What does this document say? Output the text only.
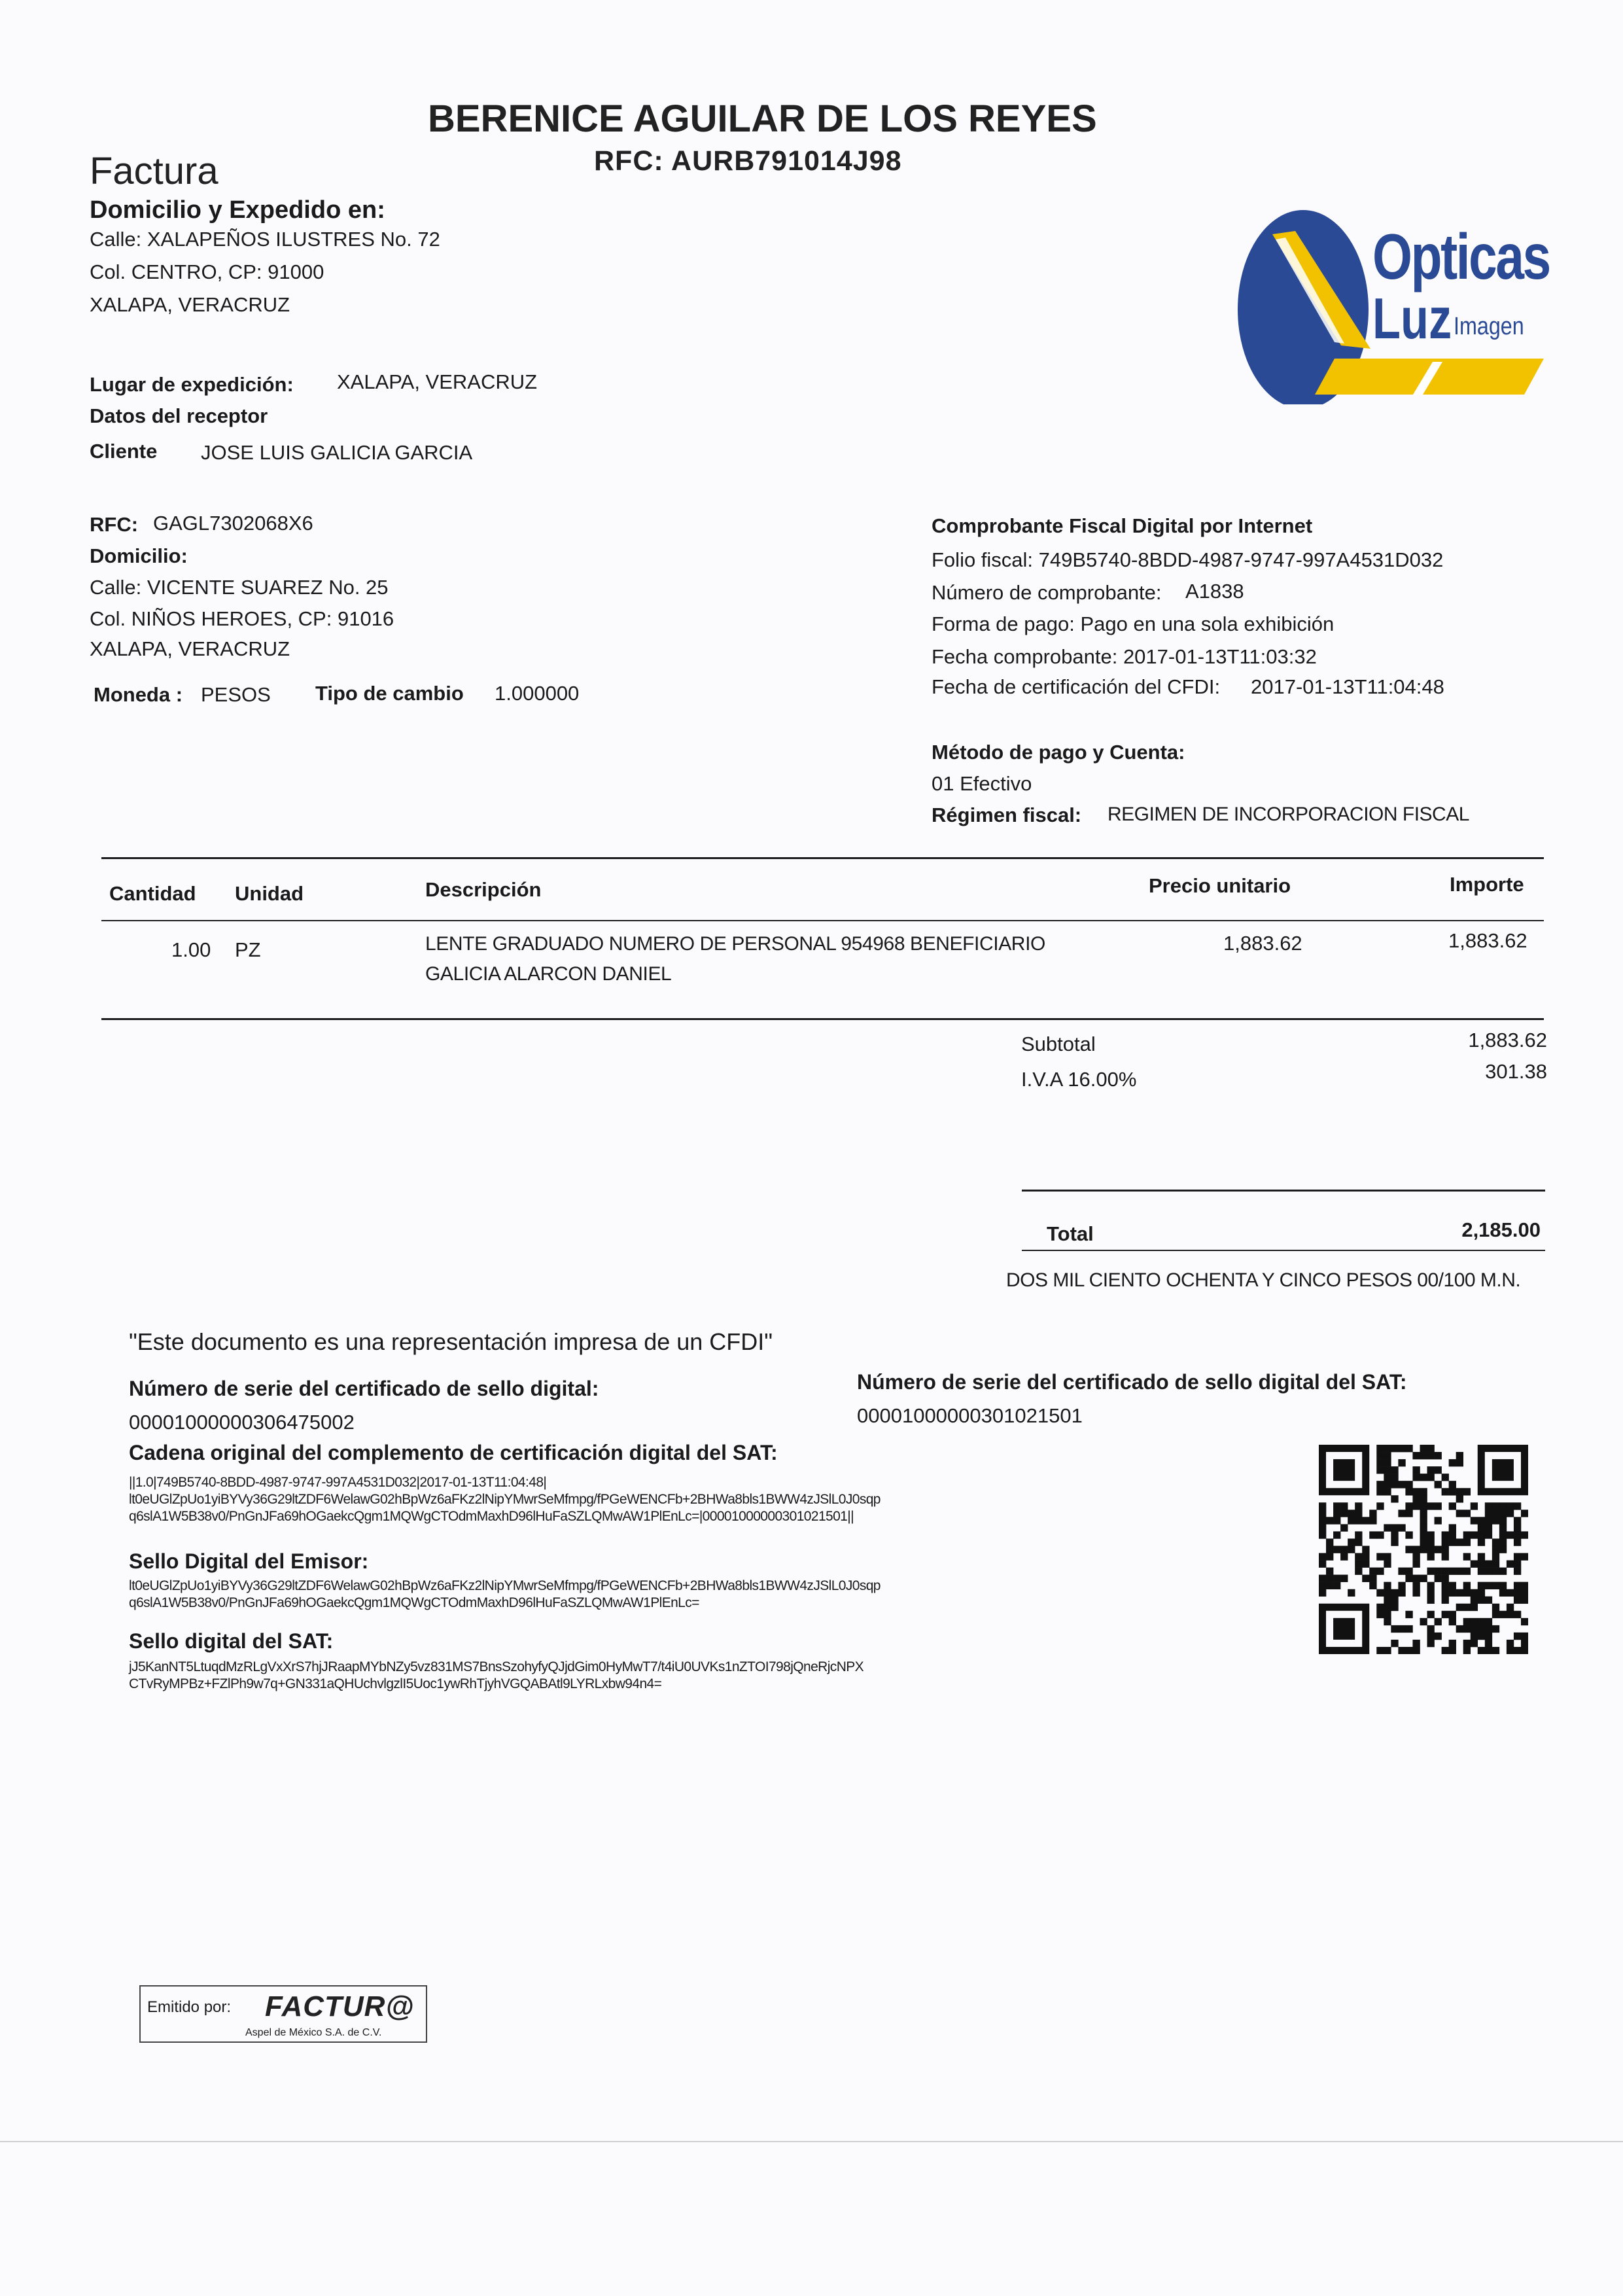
BERENICE AGUILAR DE LOS REYES
RFC: AURB791014J98
Factura
Domicilio y Expedido en:
Calle: XALAPEÑOS ILUSTRES No. 72
Col. CENTRO, CP: 91000
XALAPA, VERACRUZ
Opticas
Luz Imagen
Lugar de expedición: XALAPA, VERACRUZ
Datos del receptor
Cliente JOSE LUIS GALICIA GARCIA
RFC: GAGL7302068X6
Domicilio:
Calle: VICENTE SUAREZ No. 25
Col. NIÑOS HEROES, CP: 91016
XALAPA, VERACRUZ
Moneda : PESOS Tipo de cambio 1.000000
Comprobante Fiscal Digital por Internet
Folio fiscal: 749B5740-8BDD-4987-9747-997A4531D032
Número de comprobante: A1838
Forma de pago: Pago en una sola exhibición
Fecha comprobante: 2017-01-13T11:03:32
Fecha de certificación del CFDI: 2017-01-13T11:04:48
Método de pago y Cuenta:
01 Efectivo
Régimen fiscal: REGIMEN DE INCORPORACION FISCAL
Cantidad Unidad	Descripción	Precio unitario	Importe
1.00 PZ	LENTE GRADUADO NUMERO DE PERSONAL 954968 BENEFICIARIO
GALICIA ALARCON DANIEL
1,883.62	1,883.62
Subtotal	1,883.62
I.V.A 16.00%	301.38
Total	2,185.00
DOS MIL CIENTO OCHENTA Y CINCO PESOS 00/100 M.N.
"Este documento es una representación impresa de un CFDI"
Número de serie del certificado de sello digital:
00001000000306475002
Número de serie del certificado de sello digital del SAT:
00001000000301021501
Cadena original del complemento de certificación digital del SAT:
||1.0|749B5740-8BDD-4987-9747-997A4531D032|2017-01-13T11:04:48|
lt0eUGlZpUo1yiBYVy36G29ltZDF6WelawG02hBpWz6aFKz2lNipYMwrSeMfmpg/fPGeWENCFb+2BHWa8bls1BWW4zJSlL0J0sqp
q6slA1W5B38v0/PnGnJFa69hOGaekcQgm1MQWgCTOdmMaxhD96lHuFaSZLQMwAW1PlEnLc=|00001000000301021501||
Sello Digital del Emisor:
lt0eUGlZpUo1yiBYVy36G29ltZDF6WelawG02hBpWz6aFKz2lNipYMwrSeMfmpg/fPGeWENCFb+2BHWa8bls1BWW4zJSlL0J0sqp
q6slA1W5B38v0/PnGnJFa69hOGaekcQgm1MQWgCTOdmMaxhD96lHuFaSZLQMwAW1PlEnLc=
Sello digital del SAT:
jJ5KanNT5LtuqdMzRLgVxXrS7hjJRaapMYbNZy5vz831MS7BnsSzohyfyQJjdGim0HyMwT7/t4iU0UVKs1nZTOI798jQneRjcNPX
CTvRyMPBz+FZlPh9w7q+GN331aQHUchvlgzlI5Uoc1ywRhTjyhVGQABAtl9LYRLxbw94n4=
Emitido por: FACTUR@
Aspel de México S.A. de C.V.
